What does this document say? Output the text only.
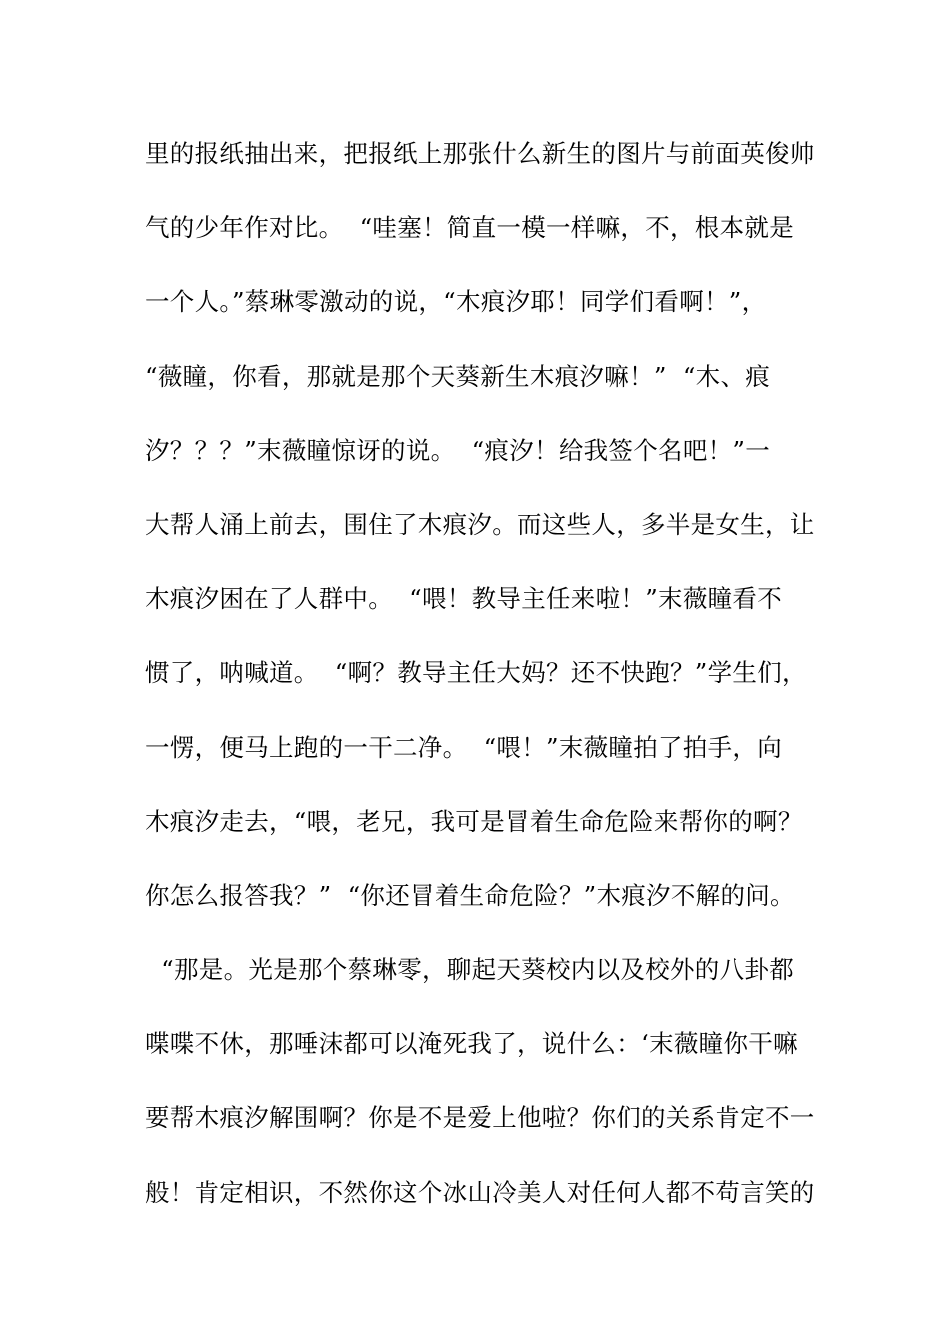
里的报纸抽出来，把报纸上那张什么新生的图片与前面英俊帅
气的少年作对比。  “哇塞！简直一模一样嘛，不，根本就是
一个人。”蔡琳零激动的说，“木痕汐耶！同学们看啊！”，
“薇瞳，你看，那就是那个天葵新生木痕汐嘛！”  “木、痕
汐？？？”末薇瞳惊讶的说。  “痕汐！给我签个名吧！”一
大帮人涌上前去，围住了木痕汐。而这些人，多半是女生，让
木痕汐困在了人群中。  “喂！教导主任来啦！”末薇瞳看不
惯了，呐喊道。  “啊？教导主任大妈？还不快跑？”学生们，
一愣，便马上跑的一干二净。  “喂！”末薇瞳拍了拍手，向
木痕汐走去，“喂，老兄，我可是冒着生命危险来帮你的啊？
你怎么报答我？”  “你还冒着生命危险？”木痕汐不解的问。
“那是。光是那个蔡琳零，聊起天葵校内以及校外的八卦都
喋喋不休，那唾沫都可以淹死我了，说什么：‘末薇瞳你干嘛
要帮木痕汐解围啊？你是不是爱上他啦？你们的关系肯定不一
般！肯定相识，不然你这个冰山冷美人对任何人都不苟言笑的
